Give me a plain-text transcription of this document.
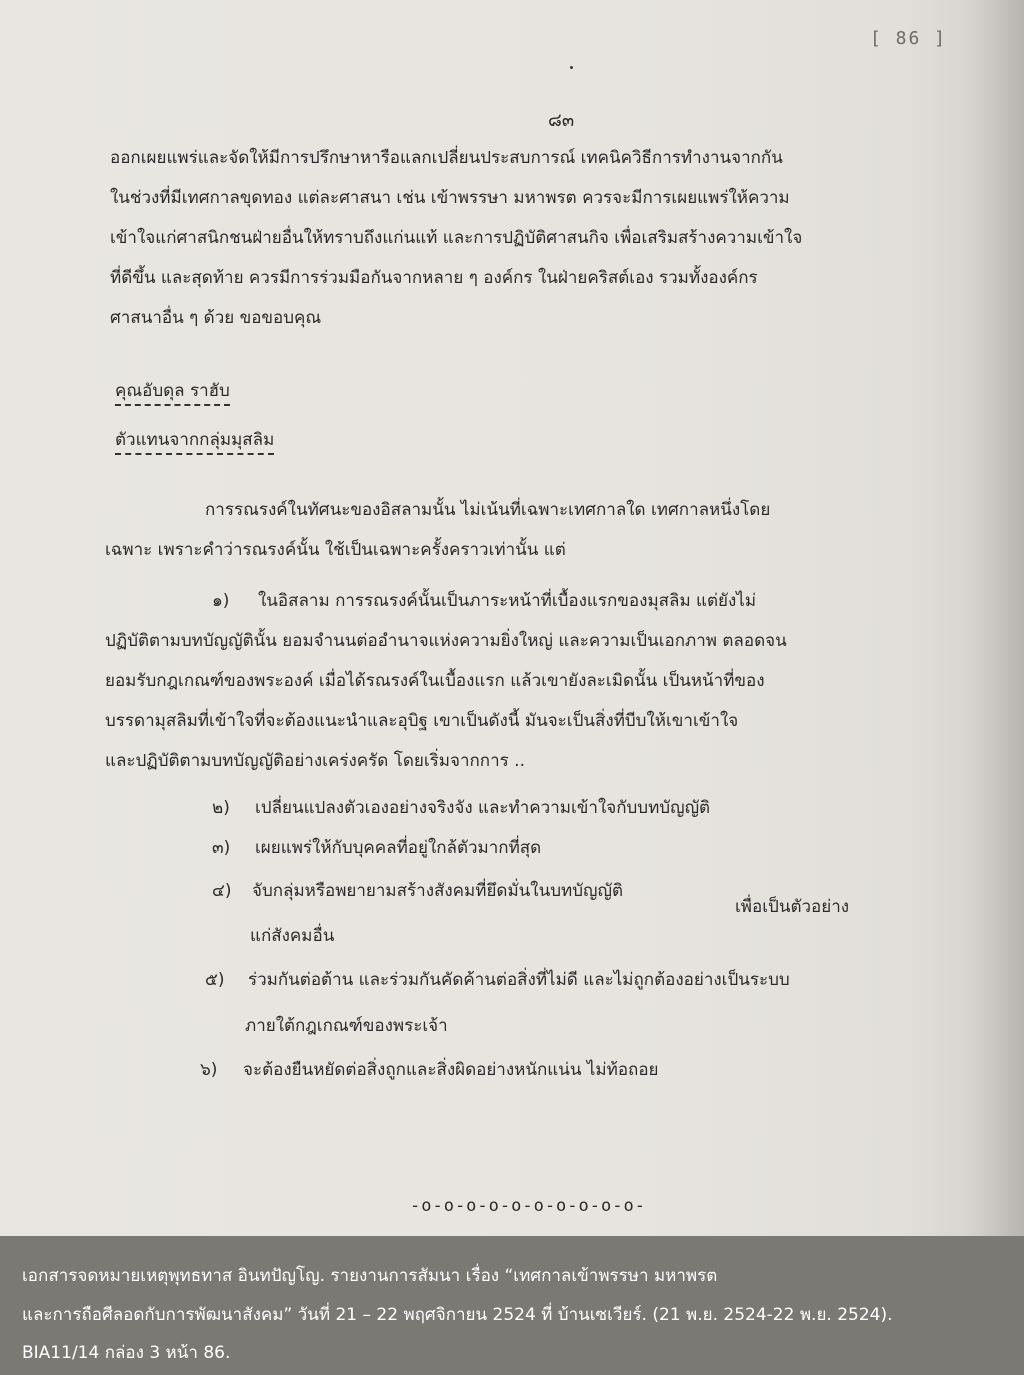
[ 86 ]
๘๓
ออกเผยแพร่และจัดให้มีการปรึกษาหารือแลกเปลี่ยนประสบการณ์ เทคนิควิธีการทำงานจากกัน
ในช่วงที่มีเทศกาลขุดทอง แต่ละศาสนา เช่น เข้าพรรษา มหาพรต ควรจะมีการเผยแพร่ให้ความ
เข้าใจแก่ศาสนิกชนฝ่ายอื่นให้ทราบถึงแก่นแท้ และการปฏิบัติศาสนกิจ เพื่อเสริมสร้างความเข้าใจ
ที่ดีขึ้น และสุดท้าย ควรมีการร่วมมือกันจากหลาย ๆ องค์กร ในฝ่ายคริสต์เอง รวมทั้งองค์กร
ศาสนาอื่น ๆ ด้วย ขอขอบคุณ
คุณอับดุล ราฮับ
ตัวแทนจากกลุ่มมุสลิม
การรณรงค์ในทัศนะของอิสลามนั้น ไม่เน้นที่เฉพาะเทศกาลใด เทศกาลหนึ่งโดย
เฉพาะ เพราะคำว่ารณรงค์นั้น ใช้เป็นเฉพาะครั้งคราวเท่านั้น แต่
๑) ในอิสลาม การรณรงค์นั้นเป็นภาระหน้าที่เบื้องแรกของมุสลิม แต่ยังไม่
ปฏิบัติตามบทบัญญัตินั้น ยอมจำนนต่ออำนาจแห่งความยิ่งใหญ่ และความเป็นเอกภาพ ตลอดจน
ยอมรับกฎเกณฑ์ของพระองค์ เมื่อได้รณรงค์ในเบื้องแรก แล้วเขายังละเมิดนั้น เป็นหน้าที่ของ
บรรดามุสลิมที่เข้าใจที่จะต้องแนะนำและอุบิฐ เขาเป็นดังนี้ มันจะเป็นสิ่งที่บีบให้เขาเข้าใจ
และปฏิบัติตามบทบัญญัติอย่างเคร่งครัด โดยเริ่มจากการ ..
๒) เปลี่ยนแปลงตัวเองอย่างจริงจัง และทำความเข้าใจกับบทบัญญัติ
๓) เผยแพร่ให้กับบุคคลที่อยู่ใกล้ตัวมากที่สุด
๔) จับกลุ่มหรือพยายามสร้างสังคมที่ยึดมั่นในบทบัญญัติ
เพื่อเป็นตัวอย่าง
แก่สังคมอื่น
๕) ร่วมกันต่อต้าน และร่วมกันคัดค้านต่อสิ่งที่ไม่ดี และไม่ถูกต้องอย่างเป็นระบบ
ภายใต้กฎเกณฑ์ของพระเจ้า
๖) จะต้องยืนหยัดต่อสิ่งถูกและสิ่งผิดอย่างหนักแน่น ไม่ท้อถอย
-o-o-o-o-o-o-o-o-o-o-
เอกสารจดหมายเหตุพุทธทาส อินทปัญโญ. รายงานการสัมนา เรื่อง “เทศกาลเข้าพรรษา มหาพรต
และการถือศีลอดกับการพัฒนาสังคม” วันที่ 21 – 22 พฤศจิกายน 2524 ที่ บ้านเซเวียร์. (21 พ.ย. 2524-22 พ.ย. 2524).
BIA11/14 กล่อง 3 หน้า 86.
